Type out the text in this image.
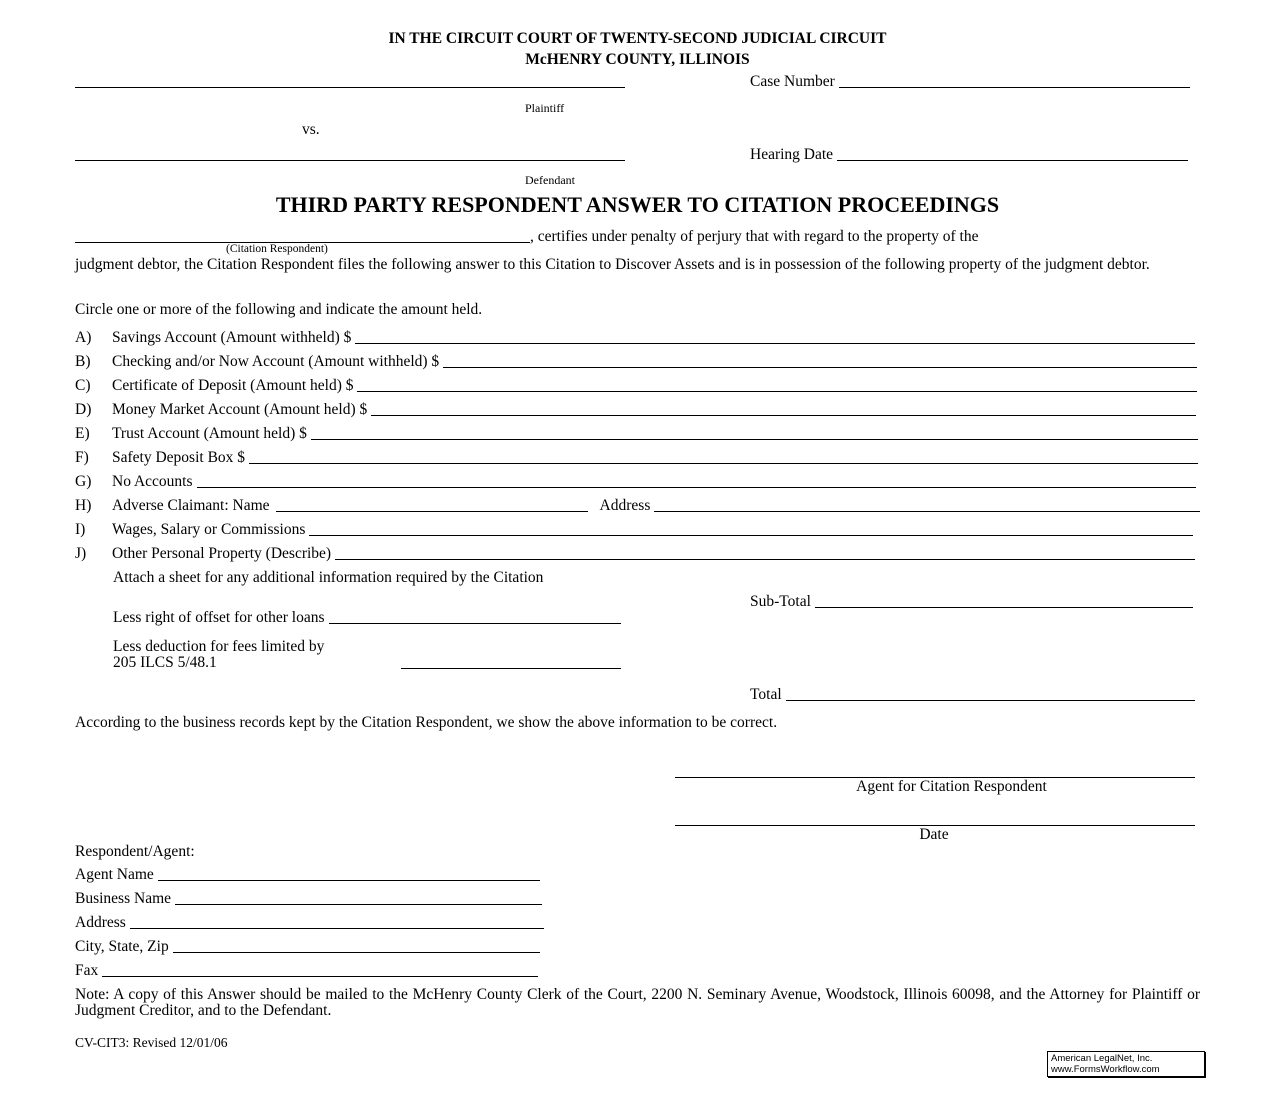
IN THE CIRCUIT COURT OF TWENTY-SECOND JUDICIAL CIRCUIT
McHENRY COUNTY, ILLINOIS
Case Number
Plaintiff
vs.
Hearing Date
Defendant
THIRD PARTY RESPONDENT ANSWER TO CITATION PROCEEDINGS
, certifies under penalty of perjury that with regard to the property of the
(Citation Respondent)
judgment debtor, the Citation Respondent files the following answer to this Citation to Discover Assets and is in possession of the following property of the judgment debtor.
Circle one or more of the following and indicate the amount held.
A)	Savings Account (Amount withheld) $
B)	Checking and/or Now Account (Amount withheld) $
C)	Certificate of Deposit (Amount held) $
D)	Money Market Account (Amount held) $
E)	Trust Account (Amount held) $
F)	Safety Deposit Box $
G)	No Accounts
H)	Adverse Claimant: Name	Address
I)	Wages, Salary or Commissions
J)	Other Personal Property (Describe)
Attach a sheet for any additional information required by the Citation
Sub-Total
Less right of offset for other loans
Less deduction for fees limited by
205 ILCS 5/48.1
Total
According to the business records kept by the Citation Respondent, we show the above information to be correct.
Agent for Citation Respondent
Date
Respondent/Agent:
Agent Name
Business Name
Address
City, State, Zip
Fax
Note: A copy of this Answer should be mailed to the McHenry County Clerk of the Court, 2200 N. Seminary Avenue, Woodstock, Illinois 60098, and the Attorney for Plaintiff or Judgment Creditor, and to the Defendant.
CV-CIT3: Revised 12/01/06
American LegalNet, Inc.
www.FormsWorkflow.com
